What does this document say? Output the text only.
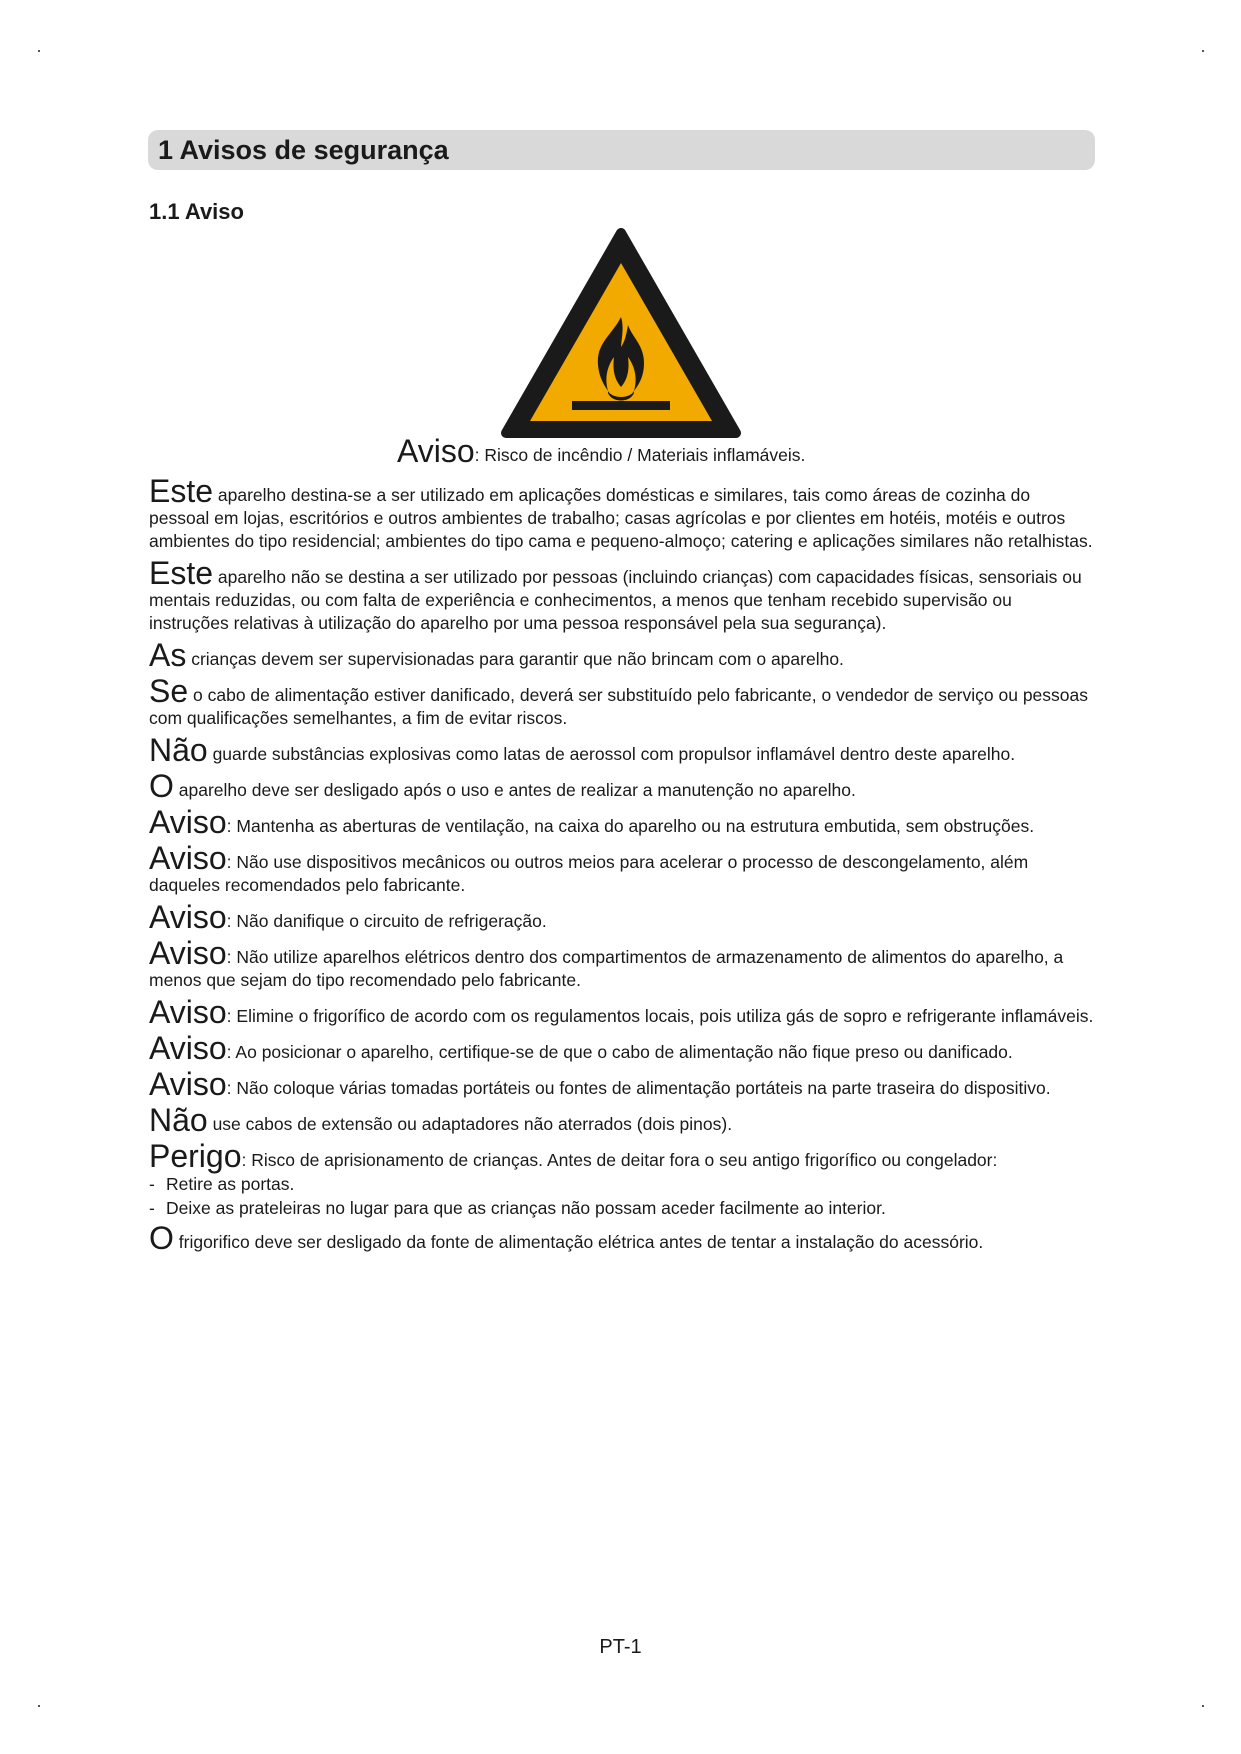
1 Avisos de segurança
1.1 Aviso
Aviso: Risco de incêndio / Materiais inflamáveis.

Este aparelho destina-se a ser utilizado em aplicações domésticas e similares, tais como áreas de cozinha do pessoal em lojas, escritórios e outros ambientes de trabalho; casas agrícolas e por clientes em hotéis, motéis e outros ambientes do tipo residencial; ambientes do tipo cama e pequeno-almoço; catering e aplicações similares não retalhistas.

Este aparelho não se destina a ser utilizado por pessoas (incluindo crianças) com capacidades físicas, sensoriais ou mentais reduzidas, ou com falta de experiência e conhecimentos, a menos que tenham recebido supervisão ou instruções relativas à utilização do aparelho por uma pessoa responsável pela sua segurança).

As crianças devem ser supervisionadas para garantir que não brincam com o aparelho.

Se o cabo de alimentação estiver danificado, deverá ser substituído pelo fabricante, o vendedor de serviço ou pessoas com qualificações semelhantes, a fim de evitar riscos.

Não guarde substâncias explosivas como latas de aerossol com propulsor inflamável dentro deste aparelho.

O aparelho deve ser desligado após o uso e antes de realizar a manutenção no aparelho.

Aviso: Mantenha as aberturas de ventilação, na caixa do aparelho ou na estrutura embutida, sem obstruções.

Aviso: Não use dispositivos mecânicos ou outros meios para acelerar o processo de descongelamento, além daqueles recomendados pelo fabricante.

Aviso: Não danifique o circuito de refrigeração.

Aviso: Não utilize aparelhos elétricos dentro dos compartimentos de armazenamento de alimentos do aparelho, a menos que sejam do tipo recomendado pelo fabricante.

Aviso: Elimine o frigorífico de acordo com os regulamentos locais, pois utiliza gás de sopro e refrigerante inflamáveis.

Aviso: Ao posicionar o aparelho, certifique-se de que o cabo de alimentação não fique preso ou danificado.

Aviso: Não coloque várias tomadas portáteis ou fontes de alimentação portáteis na parte traseira do dispositivo.

Não use cabos de extensão ou adaptadores não aterrados (dois pinos).

Perigo: Risco de aprisionamento de crianças. Antes de deitar fora o seu antigo frigorífico ou congelador:

- Retire as portas.
- Deixe as prateleiras no lugar para que as crianças não possam aceder facilmente ao interior.

O frigorifico deve ser desligado da fonte de alimentação elétrica antes de tentar a instalação do acessório.

PT-1
